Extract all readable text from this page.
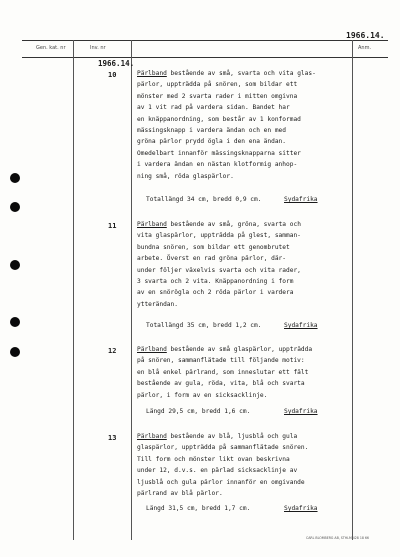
1966.14.
Gen. kat. nr	Inv. nr	Anm.
1966.14.
10	Pärlband bestående av små, svarta och vita glas-
pärlor, uppträdda på snören, som bildar ett
mönster med 2 svarta rader i mitten omgivna
av 1 vit rad på vardera sidan. Bandet har
en knäppanordning, som består av 1 konformad
mässingsknapp i vardera ändan och en med
gröna pärlor prydd ögla i den ena ändan.
Omedelbart innanför mässingsknapparna sitter
i vardera ändan en nästan klotformig anhop-
ning små, röda glaspärlor.
Totallängd 34 cm, bredd 0,9 cm.	Sydafrika
11	Pärlband bestående av små, gröna, svarta och
vita glaspärlor, uppträdda på glest, samman-
bundna snören, som bildar ett genombrutet
arbete. Överst en rad gröna pärlor, där-
under följer växelvis svarta och vita rader,
3 svarta och 2 vita. Knäppanordning i form
av en snörögla och 2 röda pärlor i vardera
ytterändan.
Totallängd 35 cm, bredd 1,2 cm.	Sydafrika
12	Pärlband bestående av små glaspärlor, uppträdda
på snören, sammanflätade till följande motiv:
en blå enkel pärlrand, som inneslutar ett fält
bestående av gula, röda, vita, blå och svarta
pärlor, i form av en sicksacklinje.
Längd 29,5 cm, bredd 1,6 cm.	Sydafrika
13	Pärlband bestående av blå, ljusblå och gula
glaspärlor, uppträdda på sammanflätade snören.
Till form och mönster likt ovan beskrivna
under 12, d.v.s. en pärlad sicksacklinje av
ljusblå och gula pärlor innanför en omgivande
pärlrand av blå pärlor.
Längd 31,5 cm, bredd 1,7 cm.	Sydafrika
CARL BLOMBERG AB, STHLM 428 18 66
